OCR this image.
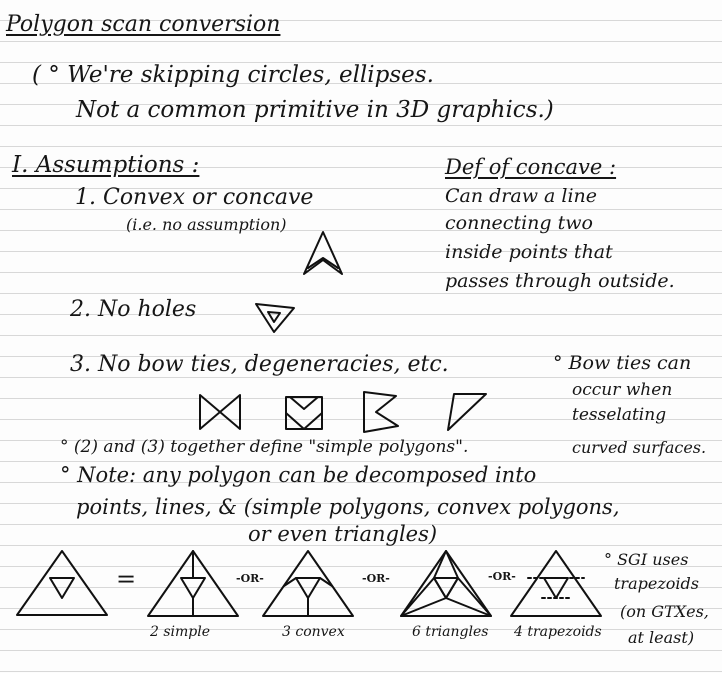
Polygon scan conversion
( ° We're skipping circles, ellipses.
Not a common primitive in 3D graphics.)
I. Assumptions :
1. Convex or concave
(i.e. no assumption)
Def of concave :
Can draw a line
connecting two
inside points that
passes through outside.
2. No holes
3. No bow ties, degeneracies, etc.	° Bow ties can
occur when
tesselating
curved surfaces.
° (2) and (3) together define "simple polygons".
° Note: any polygon can be decomposed into
points, lines, & (simple polygons, convex polygons,
or even triangles)
=	-OR-	-OR-	-OR-
2 simple	3 convex	6 triangles 4 trapezoids
° SGI uses
trapezoids
(on GTXes,
at least)
